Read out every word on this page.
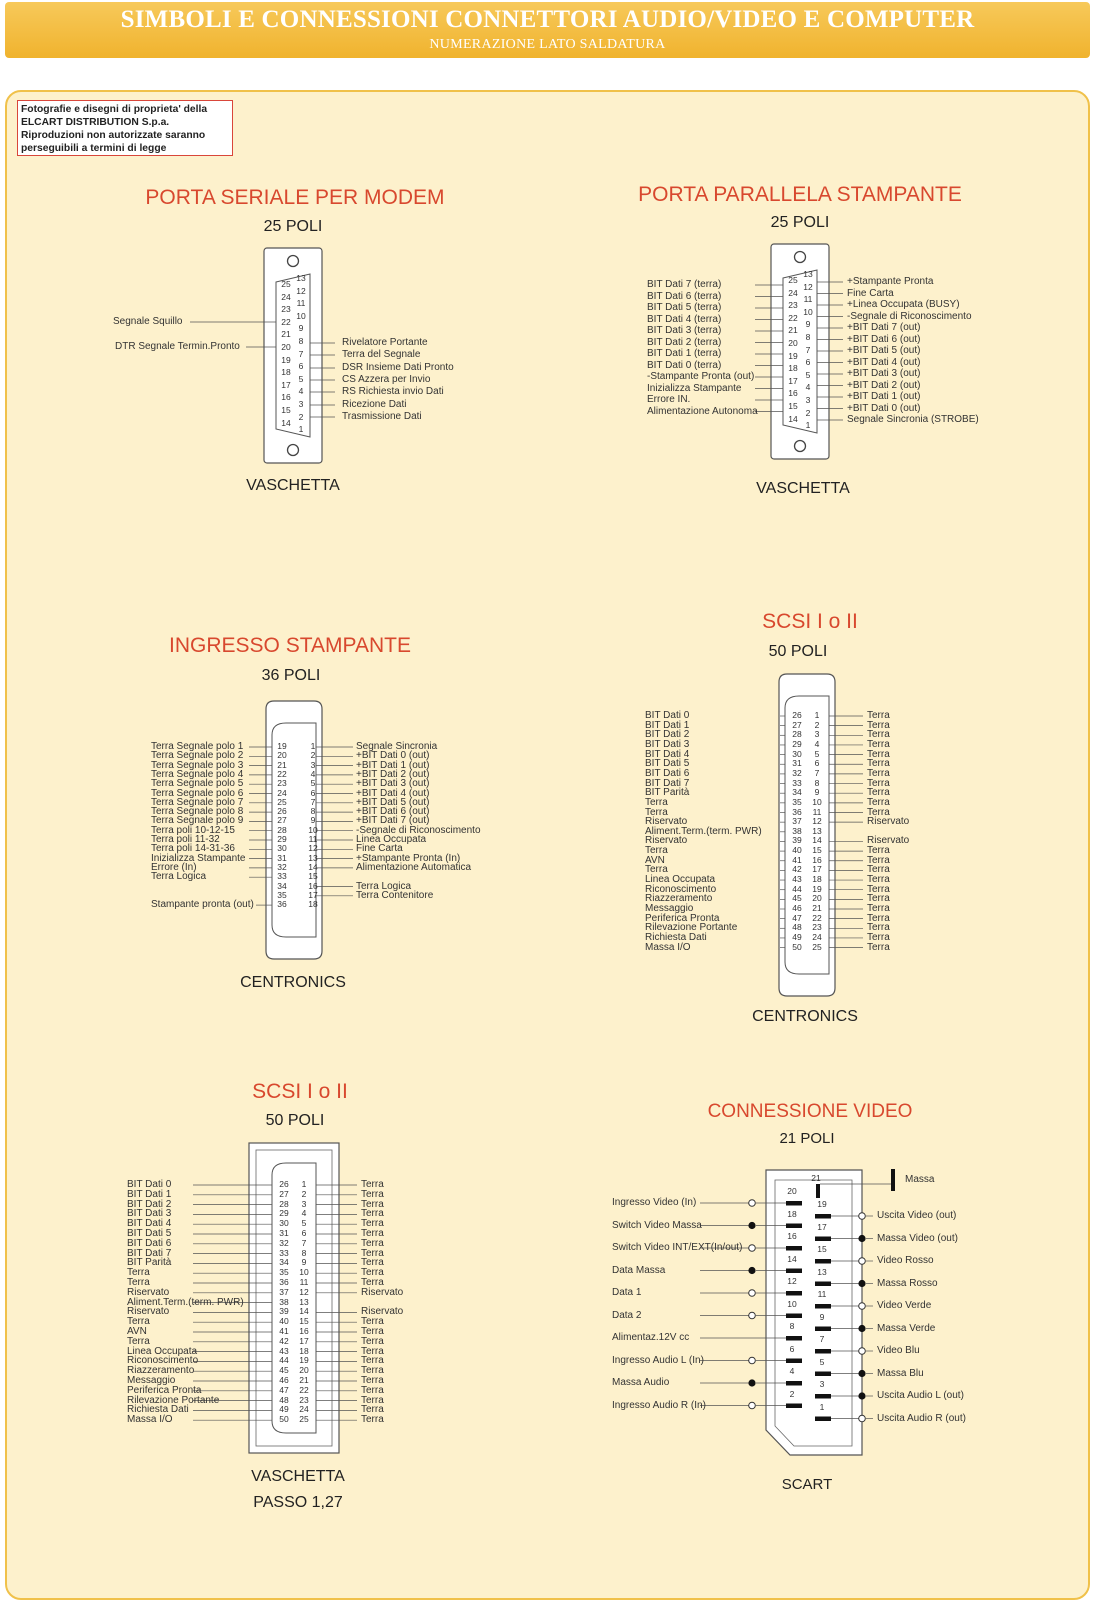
SIMBOLI E CONNESSIONI CONNETTORI AUDIO/VIDEO E COMPUTER
NUMERAZIONE LATO SALDATURA
Fotografie e disegni di proprieta' della
ELCART DISTRIBUTION S.p.a.
Riproduzioni non autorizzate saranno
perseguibili a termini di legge
PORTA SERIALE PER MODEM
25 POLI
VASCHETTA
PORTA PARALLELA STAMPANTE
25 POLI
VASCHETTA
INGRESSO STAMPANTE
36 POLI
CENTRONICS
SCSI I o II
50 POLI
CENTRONICS
SCSI I o II
50 POLI
VASCHETTA
PASSO 1,27
CONNESSIONE VIDEO
21 POLI
SCART
13
12
11
10
9
8
7
6
5
4
3
2
1
25
24
23
22
21
20
19
18
17
16
15
14
Rivelatore Portante
Terra del Segnale
DSR Insieme Dati Pronto
CS Azzera per Invio
RS Richiesta invio Dati
Ricezione Dati
Trasmissione Dati
Segnale Squillo
DTR Segnale Termin.Pronto
13
12
11
10
9
8
7
6
5
4
3
2
1
25
24
23
22
21
20
19
18
17
16
15
14
BIT Dati 7 (terra)
BIT Dati 6 (terra)
BIT Dati 5 (terra)
BIT Dati 4 (terra)
BIT Dati 3 (terra)
BIT Dati 2 (terra)
BIT Dati 1 (terra)
BIT Dati 0 (terra)
-Stampante Pronta (out)
Inizializza Stampante
Errore IN.
Alimentazione Autonoma
+Stampante Pronta
Fine Carta
+Linea Occupata (BUSY)
-Segnale di Riconoscimento
+BIT Dati 7 (out)
+BIT Dati 6 (out)
+BIT Dati 5 (out)
+BIT Dati 4 (out)
+BIT Dati 3 (out)
+BIT Dati 2 (out)
+BIT Dati 1 (out)
+BIT Dati 0 (out)
Segnale Sincronia (STROBE)
19
20
21
22
23
24
25
26
27
28
29
30
31
32
33
34
35
36
1
2
3
4
5
6
7
8
9
10
11
12
13
14
15
16
17
18
Terra Segnale polo 1
Terra Segnale polo 2
Terra Segnale polo 3
Terra Segnale polo 4
Terra Segnale polo 5
Terra Segnale polo 6
Terra Segnale polo 7
Terra Segnale polo 8
Terra Segnale polo 9
Terra poli 10-12-15
Terra poli 11-32
Terra poli 14-31-36
Inizializza Stampante
Errore (In)
Terra Logica
Stampante pronta (out)
Segnale Sincronia
+BIT Dati 0 (out)
+BIT Dati 1 (out)
+BIT Dati 2 (out)
+BIT Dati 3 (out)
+BIT Dati 4 (out)
+BIT Dati 5 (out)
+BIT Dati 6 (out)
+BIT Dati 7 (out)
-Segnale di Riconoscimento
Linea Occupata
Fine Carta
+Stampante Pronta (In)
Alimentazione Automatica
Terra Logica
Terra Contenitore
26
27
28
29
30
31
32
33
34
35
36
37
38
39
40
41
42
43
44
45
46
47
48
49
50
1
2
3
4
5
6
7
8
9
10
11
12
13
14
15
16
17
18
19
20
21
22
23
24
25
BIT Dati 0
BIT Dati 1
BIT Dati 2
BIT Dati 3
BIT Dati 4
BIT Dati 5
BIT Dati 6
BIT Dati 7
BIT Parità
Terra
Terra
Riservato
Aliment.Term.(term. PWR)
Riservato
Terra
AVN
Terra
Linea Occupata
Riconoscimento
Riazzeramento
Messaggio
Periferica Pronta
Rilevazione Portante
Richiesta Dati
Massa I/O
Terra
Terra
Terra
Terra
Terra
Terra
Terra
Terra
Terra
Terra
Terra
Riservato
Riservato
Terra
Terra
Terra
Terra
Terra
Terra
Terra
Terra
Terra
Terra
Terra
26
27
28
29
30
31
32
33
34
35
36
37
38
39
40
41
42
43
44
45
46
47
48
49
50
1
2
3
4
5
6
7
8
9
10
11
12
13
14
15
16
17
18
19
20
21
22
23
24
25
BIT Dati 0
BIT Dati 1
BIT Dati 2
BIT Dati 3
BIT Dati 4
BIT Dati 5
BIT Dati 6
BIT Dati 7
BIT Parità
Terra
Terra
Riservato
Aliment.Term.(term. PWR)
Riservato
Terra
AVN
Terra
Linea Occupata
Riconoscimento
Riazzeramento
Messaggio
Periferica Pronta
Rilevazione Portante
Richiesta Dati
Massa I/O
Terra
Terra
Terra
Terra
Terra
Terra
Terra
Terra
Terra
Terra
Terra
Riservato
Riservato
Terra
Terra
Terra
Terra
Terra
Terra
Terra
Terra
Terra
Terra
Terra
21	Massa
Ingresso Video (In)
20
Switch Video Massa
18
Switch Video INT/EXT(In/out)
16
Data Massa
14
Data 1
12
Data 2
10
Alimentaz.12V cc
8
Ingresso Audio L (In)
6
Massa Audio
4
Ingresso Audio R (In)
2
19
Uscita Video (out)
17
Massa Video (out)
15
Video Rosso
13
Massa Rosso
11
Video Verde
9
Massa Verde
7
Video Blu
5
Massa Blu
3
Uscita Audio L (out)
1
Uscita Audio R (out)
